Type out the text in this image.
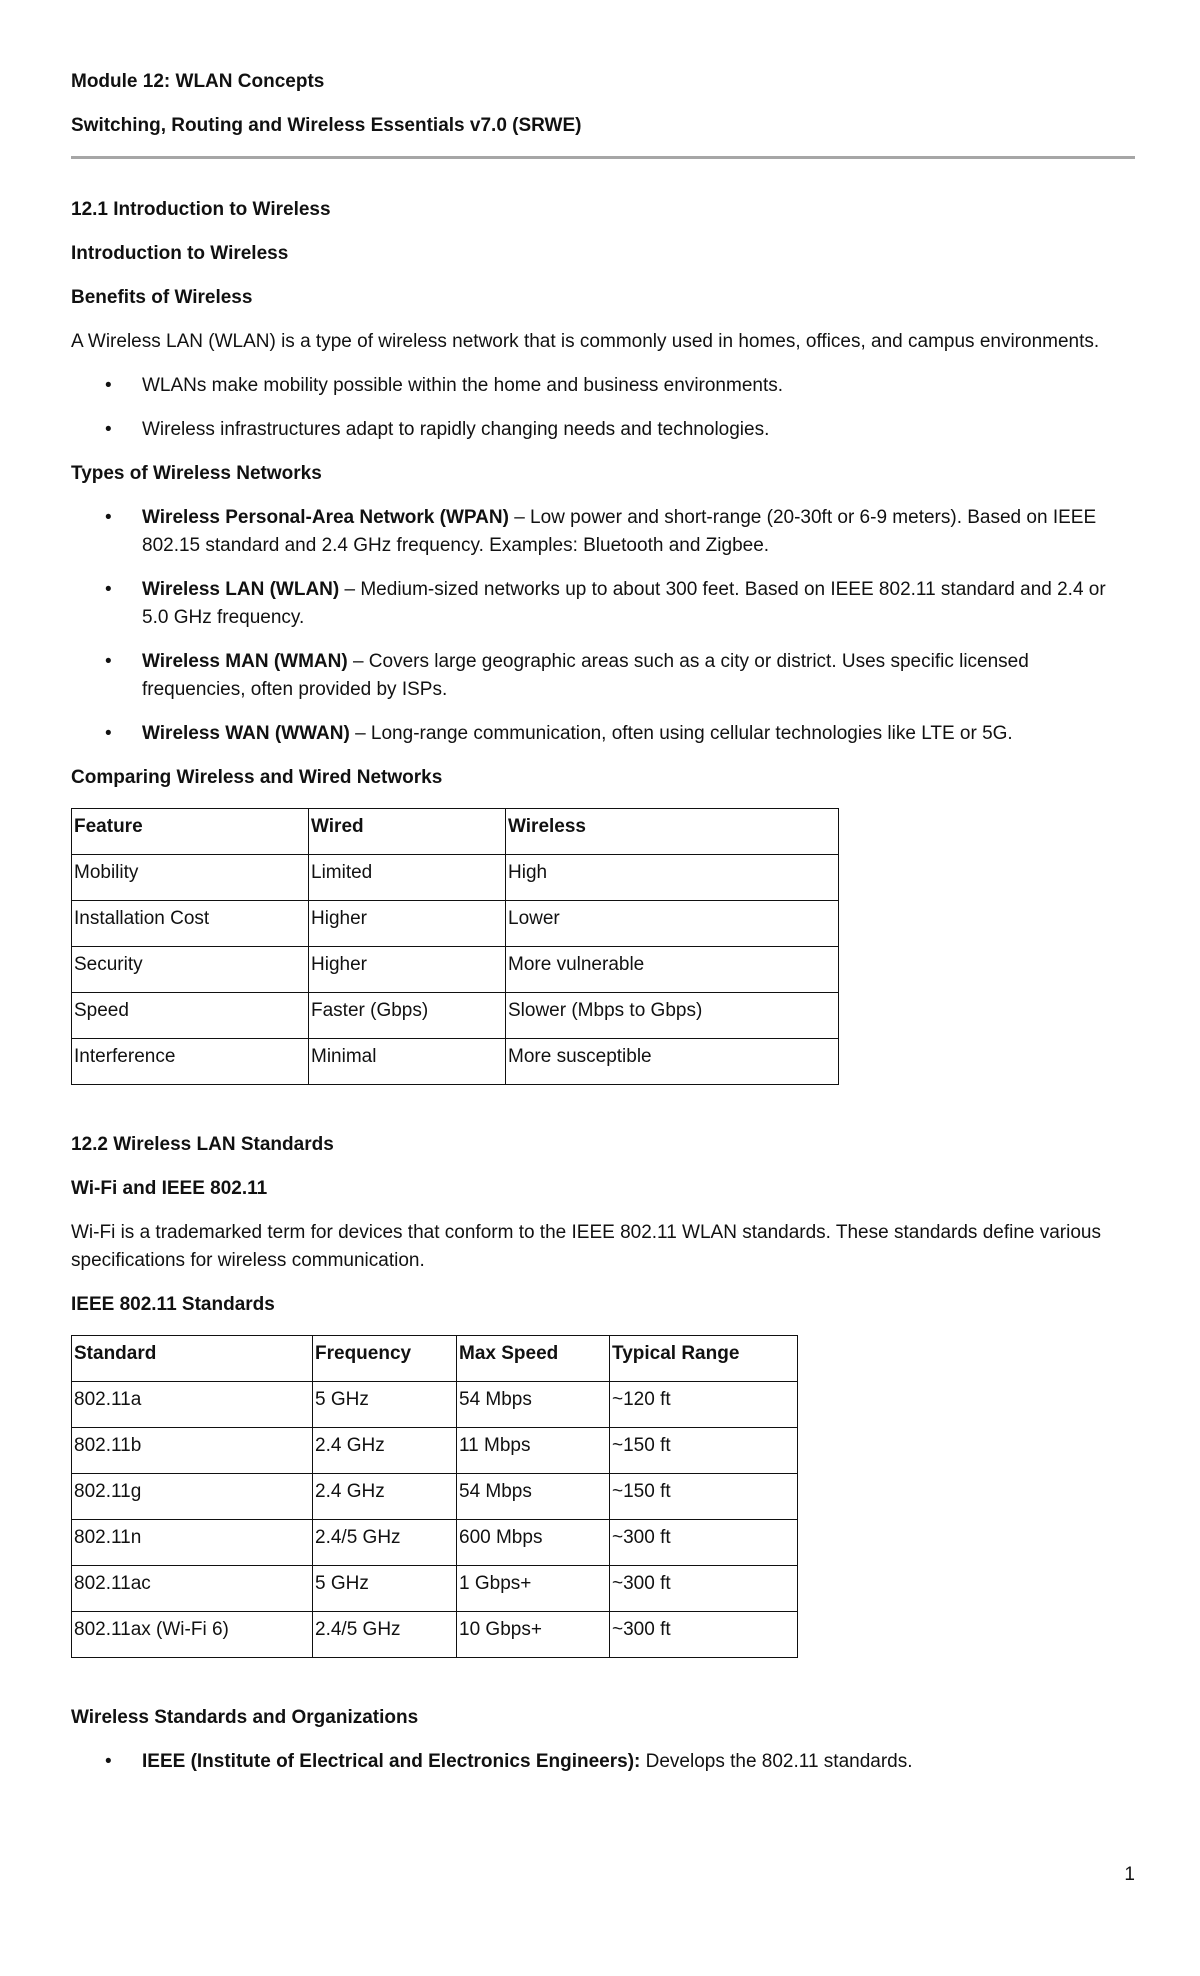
Module 12: WLAN Concepts

Switching, Routing and Wireless Essentials v7.0 (SRWE)

12.1 Introduction to Wireless

Introduction to Wireless

Benefits of Wireless

A Wireless LAN (WLAN) is a type of wireless network that is commonly used in homes, offices, and campus environments.

• WLANs make mobility possible within the home and business environments.
• Wireless infrastructures adapt to rapidly changing needs and technologies.

Types of Wireless Networks

• Wireless Personal-Area Network (WPAN) – Low power and short-range (20-30ft or 6-9 meters). Based on IEEE 802.15 standard and 2.4 GHz frequency. Examples: Bluetooth and Zigbee.
• Wireless LAN (WLAN) – Medium-sized networks up to about 300 feet. Based on IEEE 802.11 standard and 2.4 or 5.0 GHz frequency.
• Wireless MAN (WMAN) – Covers large geographic areas such as a city or district. Uses specific licensed frequencies, often provided by ISPs.
• Wireless WAN (WWAN) – Long-range communication, often using cellular technologies like LTE or 5G.

Comparing Wireless and Wired Networks

Feature	Wired	Wireless
Mobility	Limited	High
Installation Cost	Higher	Lower
Security	Higher	More vulnerable
Speed	Faster (Gbps)	Slower (Mbps to Gbps)
Interference	Minimal	More susceptible

12.2 Wireless LAN Standards

Wi-Fi and IEEE 802.11

Wi-Fi is a trademarked term for devices that conform to the IEEE 802.11 WLAN standards. These standards define various specifications for wireless communication.

IEEE 802.11 Standards

Standard	Frequency	Max Speed	Typical Range
802.11a	5 GHz	54 Mbps	~120 ft
802.11b	2.4 GHz	11 Mbps	~150 ft
802.11g	2.4 GHz	54 Mbps	~150 ft
802.11n	2.4/5 GHz	600 Mbps	~300 ft
802.11ac	5 GHz	1 Gbps+	~300 ft
802.11ax (Wi-Fi 6)	2.4/5 GHz	10 Gbps+	~300 ft

Wireless Standards and Organizations

• IEEE (Institute of Electrical and Electronics Engineers): Develops the 802.11 standards.
1
